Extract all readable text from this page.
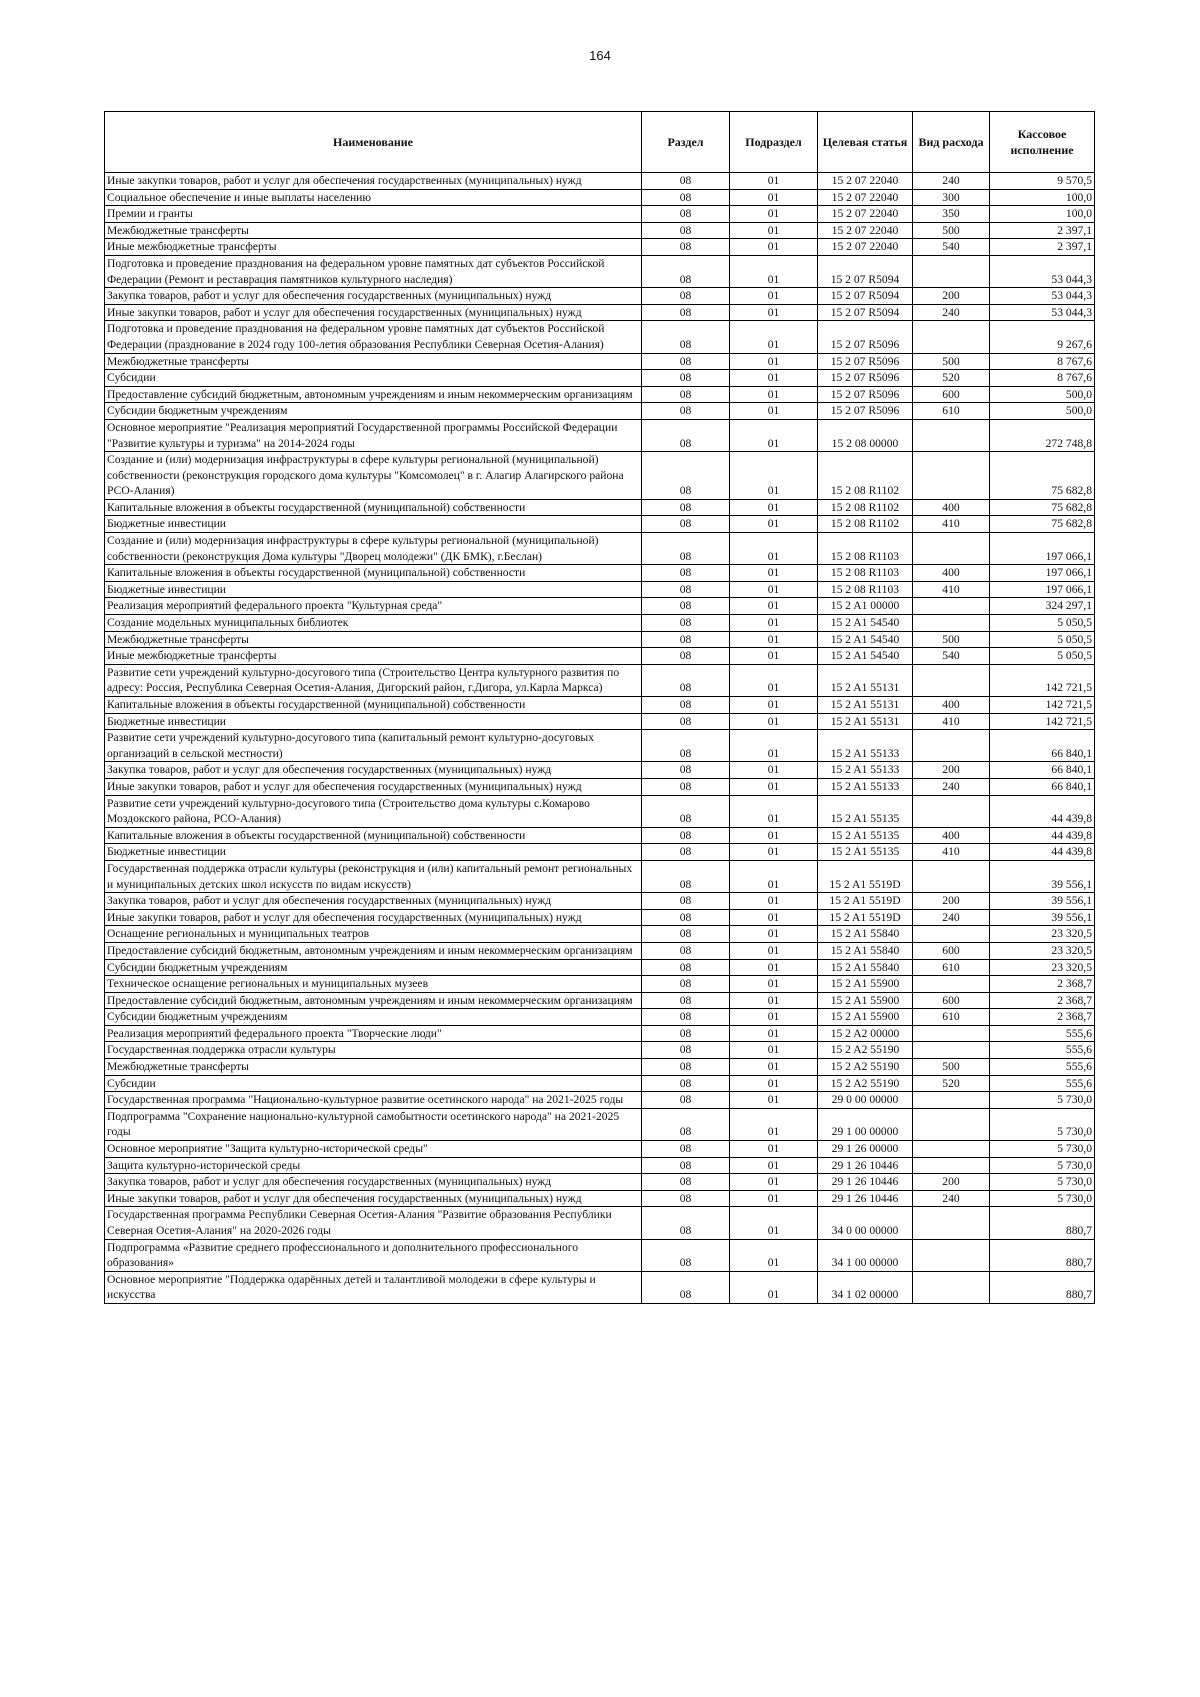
164
Наименование	Раздел	Подраздел	Целевая статья	Вид расхода	Кассовое исполнение
Иные закупки товаров, работ и услуг для обеспечения государственных (муниципальных) нужд	08	01	15 2 07 22040	240	9 570,5
Социальное обеспечение и иные выплаты населению	08	01	15 2 07 22040	300	100,0
Премии и гранты	08	01	15 2 07 22040	350	100,0
Межбюджетные трансферты	08	01	15 2 07 22040	500	2 397,1
Иные межбюджетные трансферты	08	01	15 2 07 22040	540	2 397,1
Подготовка и проведение празднования на федеральном уровне памятных дат субъектов Российской Федерации (Ремонт и реставрация памятников культурного наследия)	08	01	15 2 07 R5094		53 044,3
Закупка товаров, работ и услуг для обеспечения государственных (муниципальных) нужд	08	01	15 2 07 R5094	200	53 044,3
Иные закупки товаров, работ и услуг для обеспечения государственных (муниципальных) нужд	08	01	15 2 07 R5094	240	53 044,3
Подготовка и проведение празднования на федеральном уровне памятных дат субъектов Российской Федерации (празднование в 2024 году 100-летия образования Республики Северная Осетия-Алания)	08	01	15 2 07 R5096		9 267,6
Межбюджетные трансферты	08	01	15 2 07 R5096	500	8 767,6
Субсидии	08	01	15 2 07 R5096	520	8 767,6
Предоставление субсидий бюджетным, автономным учреждениям и иным некоммерческим организациям	08	01	15 2 07 R5096	600	500,0
Субсидии бюджетным учреждениям	08	01	15 2 07 R5096	610	500,0
Основное мероприятие "Реализация мероприятий Государственной программы Российской Федерации "Развитие культуры и туризма" на 2014-2024 годы	08	01	15 2 08 00000		272 748,8
Создание и (или) модернизация инфраструктуры в сфере культуры региональной (муниципальной) собственности (реконструкция городского дома культуры "Комсомолец" в г. Алагир Алагирского района РСО-Алания)	08	01	15 2 08 R1102		75 682,8
Капитальные вложения в объекты государственной (муниципальной) собственности	08	01	15 2 08 R1102	400	75 682,8
Бюджетные инвестиции	08	01	15 2 08 R1102	410	75 682,8
Создание и (или) модернизация инфраструктуры в сфере культуры региональной (муниципальной) собственности (реконструкция Дома культуры "Дворец молодежи" (ДК БМК), г.Беслан)	08	01	15 2 08 R1103		197 066,1
Капитальные вложения в объекты государственной (муниципальной) собственности	08	01	15 2 08 R1103	400	197 066,1
Бюджетные инвестиции	08	01	15 2 08 R1103	410	197 066,1
Реализация мероприятий федерального проекта "Культурная среда"	08	01	15 2 A1 00000		324 297,1
Создание модельных муниципальных библиотек	08	01	15 2 A1 54540		5 050,5
Межбюджетные трансферты	08	01	15 2 A1 54540	500	5 050,5
Иные межбюджетные трансферты	08	01	15 2 A1 54540	540	5 050,5
Развитие сети учреждений культурно-досугового типа (Строительство Центра культурного развития по адресу: Россия, Республика Северная Осетия-Алания, Дигорский район, г.Дигора, ул.Карла Маркса)	08	01	15 2 A1 55131		142 721,5
Капитальные вложения в объекты государственной (муниципальной) собственности	08	01	15 2 A1 55131	400	142 721,5
Бюджетные инвестиции	08	01	15 2 A1 55131	410	142 721,5
Развитие сети учреждений культурно-досугового типа (капитальный ремонт культурно-досуговых организаций в сельской местности)	08	01	15 2 A1 55133		66 840,1
Закупка товаров, работ и услуг для обеспечения государственных (муниципальных) нужд	08	01	15 2 A1 55133	200	66 840,1
Иные закупки товаров, работ и услуг для обеспечения государственных (муниципальных) нужд	08	01	15 2 A1 55133	240	66 840,1
Развитие сети учреждений культурно-досугового типа (Строительство дома культуры с.Комарово Моздокского района, РСО-Алания)	08	01	15 2 A1 55135		44 439,8
Капитальные вложения в объекты государственной (муниципальной) собственности	08	01	15 2 A1 55135	400	44 439,8
Бюджетные инвестиции	08	01	15 2 A1 55135	410	44 439,8
Государственная поддержка отрасли культуры (реконструкция и (или) капитальный ремонт региональных и муниципальных детских школ искусств по видам искусств)	08	01	15 2 A1 5519D		39 556,1
Закупка товаров, работ и услуг для обеспечения государственных (муниципальных) нужд	08	01	15 2 A1 5519D	200	39 556,1
Иные закупки товаров, работ и услуг для обеспечения государственных (муниципальных) нужд	08	01	15 2 A1 5519D	240	39 556,1
Оснащение региональных и муниципальных театров	08	01	15 2 A1 55840		23 320,5
Предоставление субсидий бюджетным, автономным учреждениям и иным некоммерческим организациям	08	01	15 2 A1 55840	600	23 320,5
Субсидии бюджетным учреждениям	08	01	15 2 A1 55840	610	23 320,5
Техническое оснащение региональных и муниципальных музеев	08	01	15 2 A1 55900		2 368,7
Предоставление субсидий бюджетным, автономным учреждениям и иным некоммерческим организациям	08	01	15 2 A1 55900	600	2 368,7
Субсидии бюджетным учреждениям	08	01	15 2 A1 55900	610	2 368,7
Реализация мероприятий федерального проекта "Творческие люди"	08	01	15 2 A2 00000		555,6
Государственная поддержка отрасли культуры	08	01	15 2 A2 55190		555,6
Межбюджетные трансферты	08	01	15 2 A2 55190	500	555,6
Субсидии	08	01	15 2 A2 55190	520	555,6
Государственная программа "Национально-культурное развитие осетинского народа" на 2021-2025 годы	08	01	29 0 00 00000		5 730,0
Подпрограмма "Сохранение национально-культурной самобытности осетинского народа" на 2021-2025 годы	08	01	29 1 00 00000		5 730,0
Основное мероприятие "Защита культурно-исторической среды"	08	01	29 1 26 00000		5 730,0
Защита культурно-исторической среды	08	01	29 1 26 10446		5 730,0
Закупка товаров, работ и услуг для обеспечения государственных (муниципальных) нужд	08	01	29 1 26 10446	200	5 730,0
Иные закупки товаров, работ и услуг для обеспечения государственных (муниципальных) нужд	08	01	29 1 26 10446	240	5 730,0
Государственная программа Республики Северная Осетия-Алания "Развитие образования Республики Северная Осетия-Алания" на 2020-2026 годы	08	01	34 0 00 00000		880,7
Подпрограмма «Развитие среднего профессионального и дополнительного профессионального образования»	08	01	34 1 00 00000		880,7
Основное мероприятие "Поддержка одарённых детей и талантливой молодежи в сфере культуры и искусства	08	01	34 1 02 00000		880,7
